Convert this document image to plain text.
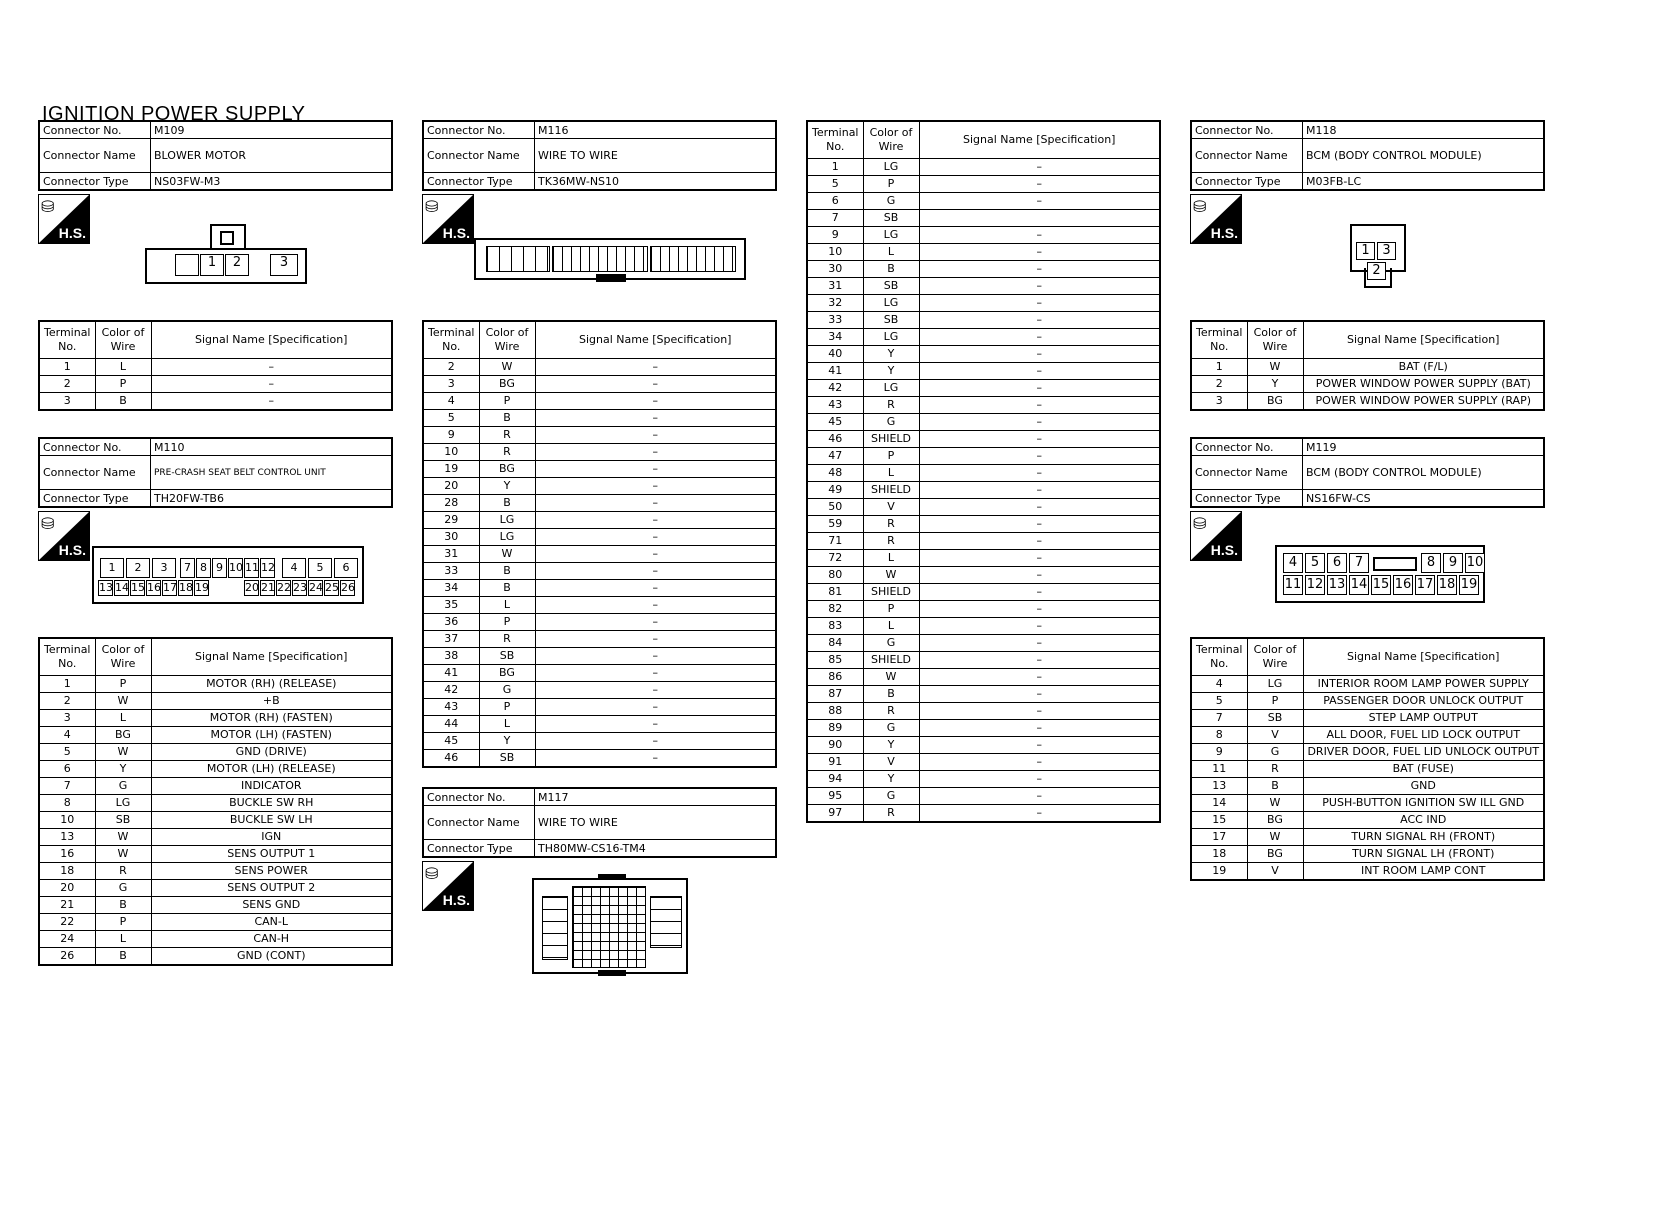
IGNITION POWER SUPPLY
Connector No.	M109
Connector Name	BLOWER MOTOR
Connector Type	NS03FW-M3
⛁
H.S.
1	2	3
Terminal No.	Color of Wire	Signal Name [Specification]
1	L	–
2	P	–
3	B	–
Connector No.	M110
Connector Name	PRE-CRASH SEAT BELT CONTROL UNIT
Connector Type	TH20FW-TB6
⛁
H.S.
1	2	3	7 8 9 10 11 12	4	5	6
13 14 15 16 17 18 19	20 21 22 23 24 25 26
Terminal No.	Color of Wire	Signal Name [Specification]
1	P	MOTOR (RH) (RELEASE)
2	W	+B
3	L	MOTOR (RH) (FASTEN)
4	BG	MOTOR (LH) (FASTEN)
5	W	GND (DRIVE)
6	Y	MOTOR (LH) (RELEASE)
7	G	INDICATOR
8	LG	BUCKLE SW RH
10	SB	BUCKLE SW LH
13	W	IGN
16	W	SENS OUTPUT 1
18	R	SENS POWER
20	G	SENS OUTPUT 2
21	B	SENS GND
22	P	CAN-L
24	L	CAN-H
26	B	GND (CONT)
Connector No.	M116
Connector Name	WIRE TO WIRE
Connector Type	TK36MW-NS10
⛁
H.S.
Terminal No.	Color of Wire	Signal Name [Specification]
2	W	–
3	BG	–
4	P	–
5	B	–
9	R	–
10	R	–
19	BG	–
20	Y	–
28	B	–
29	LG	–
30	LG	–
31	W	–
33	B	–
34	B	–
35	L	–
36	P	–
37	R	–
38	SB	–
41	BG	–
42	G	–
43	P	–
44	L	–
45	Y	–
46	SB	–
Connector No.	M117
Connector Name	WIRE TO WIRE
Connector Type	TH80MW-CS16-TM4
⛁
H.S.
Terminal No.	Color of Wire	Signal Name [Specification]
1	LG	–
5	P	–
6	G	–
7	SB	
9	LG	–
10	L	–
30	B	–
31	SB	–
32	LG	–
33	SB	–
34	LG	–
40	Y	–
41	Y	–
42	LG	–
43	R	–
45	G	–
46	SHIELD	–
47	P	–
48	L	–
49	SHIELD	–
50	V	–
59	R	–
71	R	–
72	L	–
80	W	–
81	SHIELD	–
82	P	–
83	L	–
84	G	–
85	SHIELD	–
86	W	–
87	B	–
88	R	–
89	G	–
90	Y	–
91	V	–
94	Y	–
95	G	–
97	R	–
Connector No.	M118
Connector Name	BCM (BODY CONTROL MODULE)
Connector Type	M03FB-LC
⛁
H.S.
1 3
2
Terminal No.	Color of Wire	Signal Name [Specification]
1	W	BAT (F/L)
2	Y	POWER WINDOW POWER SUPPLY (BAT)
3	BG	POWER WINDOW POWER SUPPLY (RAP)
Connector No.	M119
Connector Name	BCM (BODY CONTROL MODULE)
Connector Type	NS16FW-CS
⛁
H.S.
4	5	6	7	8	9 10
11 12 13 14 15 16 17 18 19
Terminal No.	Color of Wire	Signal Name [Specification]
4	LG	INTERIOR ROOM LAMP POWER SUPPLY
5	P	PASSENGER DOOR UNLOCK OUTPUT
7	SB	STEP LAMP OUTPUT
8	V	ALL DOOR, FUEL LID LOCK OUTPUT
9	G	DRIVER DOOR, FUEL LID UNLOCK OUTPUT
11	R	BAT (FUSE)
13	B	GND
14	W	PUSH-BUTTON IGNITION SW ILL GND
15	BG	ACC IND
17	W	TURN SIGNAL RH (FRONT)
18	BG	TURN SIGNAL LH (FRONT)
19	V	INT ROOM LAMP CONT
